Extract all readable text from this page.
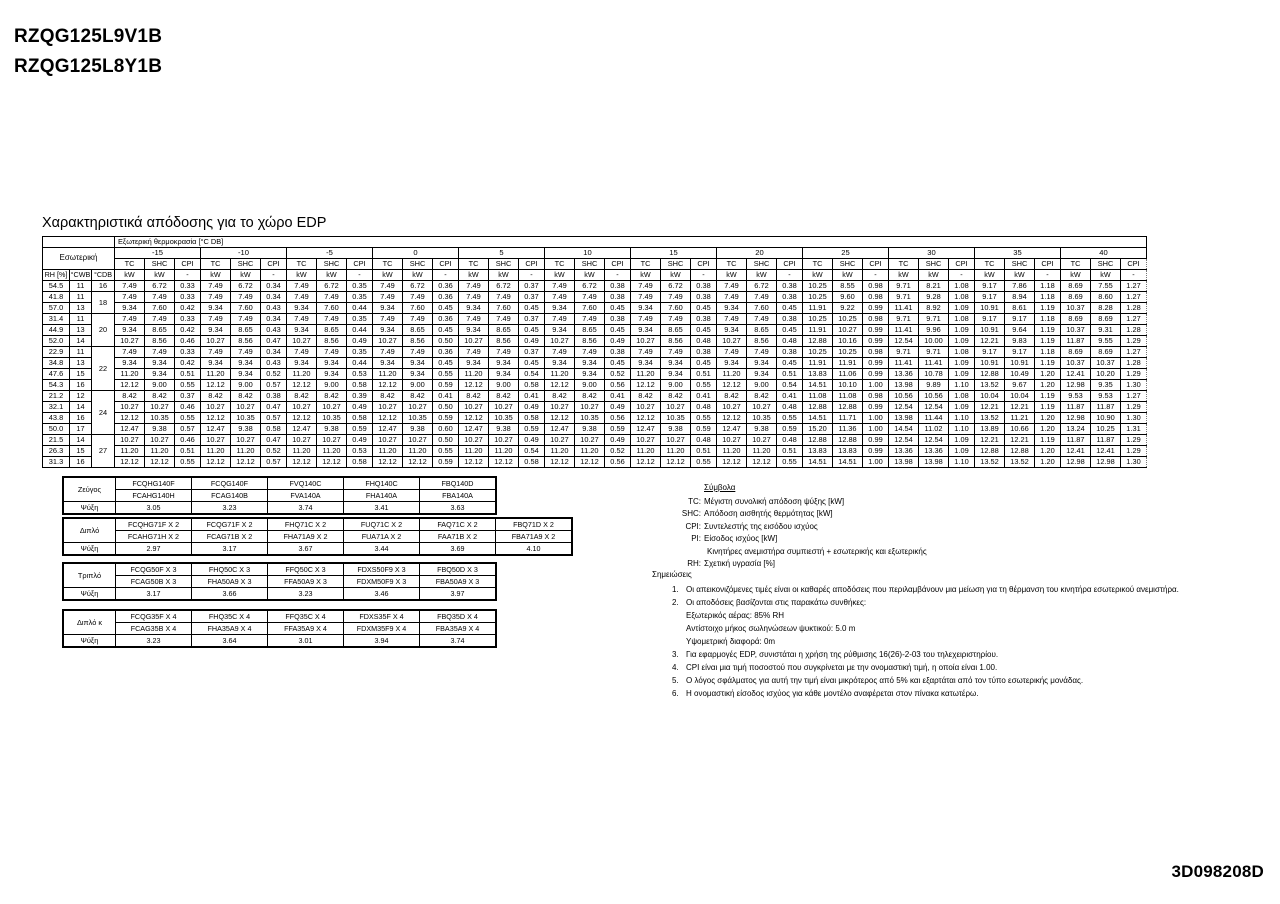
RZQG125L9V1B
RZQG125L8Y1B
Χαρακτηριστικά απόδοσης για το χώρο EDP
			Εξωτερική θερμοκρασία [°C DB]																																			
Εσωτερική			-15			-10			-5			0			5			10			15			20			25			30			35			40		
			TC	SHC	CPI	TC	SHC	CPI	TC	SHC	CPI	TC	SHC	CPI	TC	SHC	CPI	TC	SHC	CPI	TC	SHC	CPI	TC	SHC	CPI	TC	SHC	CPI	TC	SHC	CPI	TC	SHC	CPI	TC	SHC	CPI
RH [%]	°CWB	°CDB	kW	kW	-	kW	kW	-	kW	kW	-	kW	kW	-	kW	kW	-	kW	kW	-	kW	kW	-	kW	kW	-	kW	kW	-	kW	kW	-	kW	kW	-	kW	kW	-
54.5	11	16	7.49	6.72	0.33	7.49	6.72	0.34	7.49	6.72	0.35	7.49	6.72	0.36	7.49	6.72	0.37	7.49	6.72	0.38	7.49	6.72	0.38	7.49	6.72	0.38	10.25	8.55	0.98	9.71	8.21	1.08	9.17	7.86	1.18	8.69	7.55	1.27
41.8	11	18	7.49	7.49	0.33	7.49	7.49	0.34	7.49	7.49	0.35	7.49	7.49	0.36	7.49	7.49	0.37	7.49	7.49	0.38	7.49	7.49	0.38	7.49	7.49	0.38	10.25	9.60	0.98	9.71	9.28	1.08	9.17	8.94	1.18	8.69	8.60	1.27
57.0	13		9.34	7.60	0.42	9.34	7.60	0.43	9.34	7.60	0.44	9.34	7.60	0.45	9.34	7.60	0.45	9.34	7.60	0.45	9.34	7.60	0.45	9.34	7.60	0.45	11.91	9.22	0.99	11.41	8.92	1.09	10.91	8.61	1.19	10.37	8.28	1.28
31.4	11	20	7.49	7.49	0.33	7.49	7.49	0.34	7.49	7.49	0.35	7.49	7.49	0.36	7.49	7.49	0.37	7.49	7.49	0.38	7.49	7.49	0.38	7.49	7.49	0.38	10.25	10.25	0.98	9.71	9.71	1.08	9.17	9.17	1.18	8.69	8.69	1.27
44.9	13		9.34	8.65	0.42	9.34	8.65	0.43	9.34	8.65	0.44	9.34	8.65	0.45	9.34	8.65	0.45	9.34	8.65	0.45	9.34	8.65	0.45	9.34	8.65	0.45	11.91	10.27	0.99	11.41	9.96	1.09	10.91	9.64	1.19	10.37	9.31	1.28
52.0	14		10.27	8.56	0.46	10.27	8.56	0.47	10.27	8.56	0.49	10.27	8.56	0.50	10.27	8.56	0.49	10.27	8.56	0.49	10.27	8.56	0.48	10.27	8.56	0.48	12.88	10.16	0.99	12.54	10.00	1.09	12.21	9.83	1.19	11.87	9.55	1.29
22.9	11	22	7.49	7.49	0.33	7.49	7.49	0.34	7.49	7.49	0.35	7.49	7.49	0.36	7.49	7.49	0.37	7.49	7.49	0.38	7.49	7.49	0.38	7.49	7.49	0.38	10.25	10.25	0.98	9.71	9.71	1.08	9.17	9.17	1.18	8.69	8.69	1.27
34.8	13		9.34	9.34	0.42	9.34	9.34	0.43	9.34	9.34	0.44	9.34	9.34	0.45	9.34	9.34	0.45	9.34	9.34	0.45	9.34	9.34	0.45	9.34	9.34	0.45	11.91	11.91	0.99	11.41	11.41	1.09	10.91	10.91	1.19	10.37	10.37	1.28
47.6	15		11.20	9.34	0.51	11.20	9.34	0.52	11.20	9.34	0.53	11.20	9.34	0.55	11.20	9.34	0.54	11.20	9.34	0.52	11.20	9.34	0.51	11.20	9.34	0.51	13.83	11.06	0.99	13.36	10.78	1.09	12.88	10.49	1.20	12.41	10.20	1.29
54.3	16		12.12	9.00	0.55	12.12	9.00	0.57	12.12	9.00	0.58	12.12	9.00	0.59	12.12	9.00	0.58	12.12	9.00	0.56	12.12	9.00	0.55	12.12	9.00	0.54	14.51	10.10	1.00	13.98	9.89	1.10	13.52	9.67	1.20	12.98	9.35	1.30
21.2	12	24	8.42	8.42	0.37	8.42	8.42	0.38	8.42	8.42	0.39	8.42	8.42	0.41	8.42	8.42	0.41	8.42	8.42	0.41	8.42	8.42	0.41	8.42	8.42	0.41	11.08	11.08	0.98	10.56	10.56	1.08	10.04	10.04	1.19	9.53	9.53	1.27
32.1	14		10.27	10.27	0.46	10.27	10.27	0.47	10.27	10.27	0.49	10.27	10.27	0.50	10.27	10.27	0.49	10.27	10.27	0.49	10.27	10.27	0.48	10.27	10.27	0.48	12.88	12.88	0.99	12.54	12.54	1.09	12.21	12.21	1.19	11.87	11.87	1.29
43.8	16		12.12	10.35	0.55	12.12	10.35	0.57	12.12	10.35	0.58	12.12	10.35	0.59	12.12	10.35	0.58	12.12	10.35	0.56	12.12	10.35	0.55	12.12	10.35	0.55	14.51	11.71	1.00	13.98	11.44	1.10	13.52	11.21	1.20	12.98	10.90	1.30
50.0	17		12.47	9.38	0.57	12.47	9.38	0.58	12.47	9.38	0.59	12.47	9.38	0.60	12.47	9.38	0.59	12.47	9.38	0.59	12.47	9.38	0.59	12.47	9.38	0.59	15.20	11.36	1.00	14.54	11.02	1.10	13.89	10.66	1.20	13.24	10.25	1.31
21.5	14	27	10.27	10.27	0.46	10.27	10.27	0.47	10.27	10.27	0.49	10.27	10.27	0.50	10.27	10.27	0.49	10.27	10.27	0.49	10.27	10.27	0.48	10.27	10.27	0.48	12.88	12.88	0.99	12.54	12.54	1.09	12.21	12.21	1.19	11.87	11.87	1.29
26.3	15		11.20	11.20	0.51	11.20	11.20	0.52	11.20	11.20	0.53	11.20	11.20	0.55	11.20	11.20	0.54	11.20	11.20	0.52	11.20	11.20	0.51	11.20	11.20	0.51	13.83	13.83	0.99	13.36	13.36	1.09	12.88	12.88	1.20	12.41	12.41	1.29
31.3	16		12.12	12.12	0.55	12.12	12.12	0.57	12.12	12.12	0.58	12.12	12.12	0.59	12.12	12.12	0.58	12.12	12.12	0.56	12.12	12.12	0.55	12.12	12.12	0.55	14.51	14.51	1.00	13.98	13.98	1.10	13.52	13.52	1.20	12.98	12.98	1.30
Ζεύγος	FCQHG140F	FCQG140F	FVQ140C	FHQ140C	FBQ140D
	FCAHG140H	FCAG140B	FVA140A	FHA140A	FBA140A
Ψύξη	3.05	3.23	3.74	3.41	3.63
Διπλό	FCQHG71F X 2	FCQG71F X 2	FHQ71C X 2	FUQ71C X 2	FAQ71C X 2	FBQ71D X 2
	FCAHG71H X 2	FCAG71B X 2	FHA71A9 X 2	FUA71A X 2	FAA71B X 2	FBA71A9 X 2
Ψύξη	2.97	3.17	3.67	3.44	3.69	4.10
Τριπλό	FCQG50F X 3	FHQ50C X 3	FFQ50C X 3	FDXS50F9 X 3	FBQ50D X 3
	FCAG50B X 3	FHA50A9 X 3	FFA50A9 X 3	FDXM50F9 X 3	FBA50A9 X 3
Ψύξη	3.17	3.66	3.23	3.46	3.97
Διπλό κ	FCQG35F X 4	FHQ35C X 4	FFQ35C X 4	FDXS35F X 4	FBQ35D X 4
	FCAG35B X 4	FHA35A9 X 4	FFA35A9 X 4	FDXM35F9 X 4	FBA35A9 X 4
Ψύξη	3.23	3.64	3.01	3.94	3.74
Σύμβολα
TC: Μέγιστη συνολική απόδοση ψύξης [kW]
SHC: Απόδοση αισθητής θερμότητας [kW]
CPI: Συντελεστής της εισόδου ισχύος
PI: Είσοδος ισχύος [kW]
Κινητήρες ανεμιστήρα συμπιεστή + εσωτερικής και εξωτερικής
RH: Σχετική υγρασία [%]
Σημειώσεις
1. Οι απεικονιζόμενες τιμές είναι οι καθαρές αποδόσεις που περιλαμβάνουν μια μείωση για τη θέρμανση του κινητήρα εσωτερικού ανεμιστήρα.
2. Οι αποδόσεις βασίζονται στις παρακάτω συνθήκες:
Εξωτερικός αέρας: 85% RH
Αντίστοιχο μήκος σωληνώσεων ψυκτικού: 5.0 m
Υψομετρική διαφορά: 0m
3. Για εφαρμογές EDP, συνιστάται η χρήση της ρύθμισης 16(26)-2-03 του τηλεχειριστηρίου.
4. CPI είναι μια τιμή ποσοστού που συγκρίνεται με την ονομαστική τιμή, η οποία είναι 1.00.
5. Ο λόγος σφάλματος για αυτή την τιμή είναι μικρότερος από 5% και εξαρτάται από τον τύπο εσωτερικής μονάδας.
6. Η ονομαστική είσοδος ισχύος για κάθε μοντέλο αναφέρεται στον πίνακα κατωτέρω.
3D098208D
